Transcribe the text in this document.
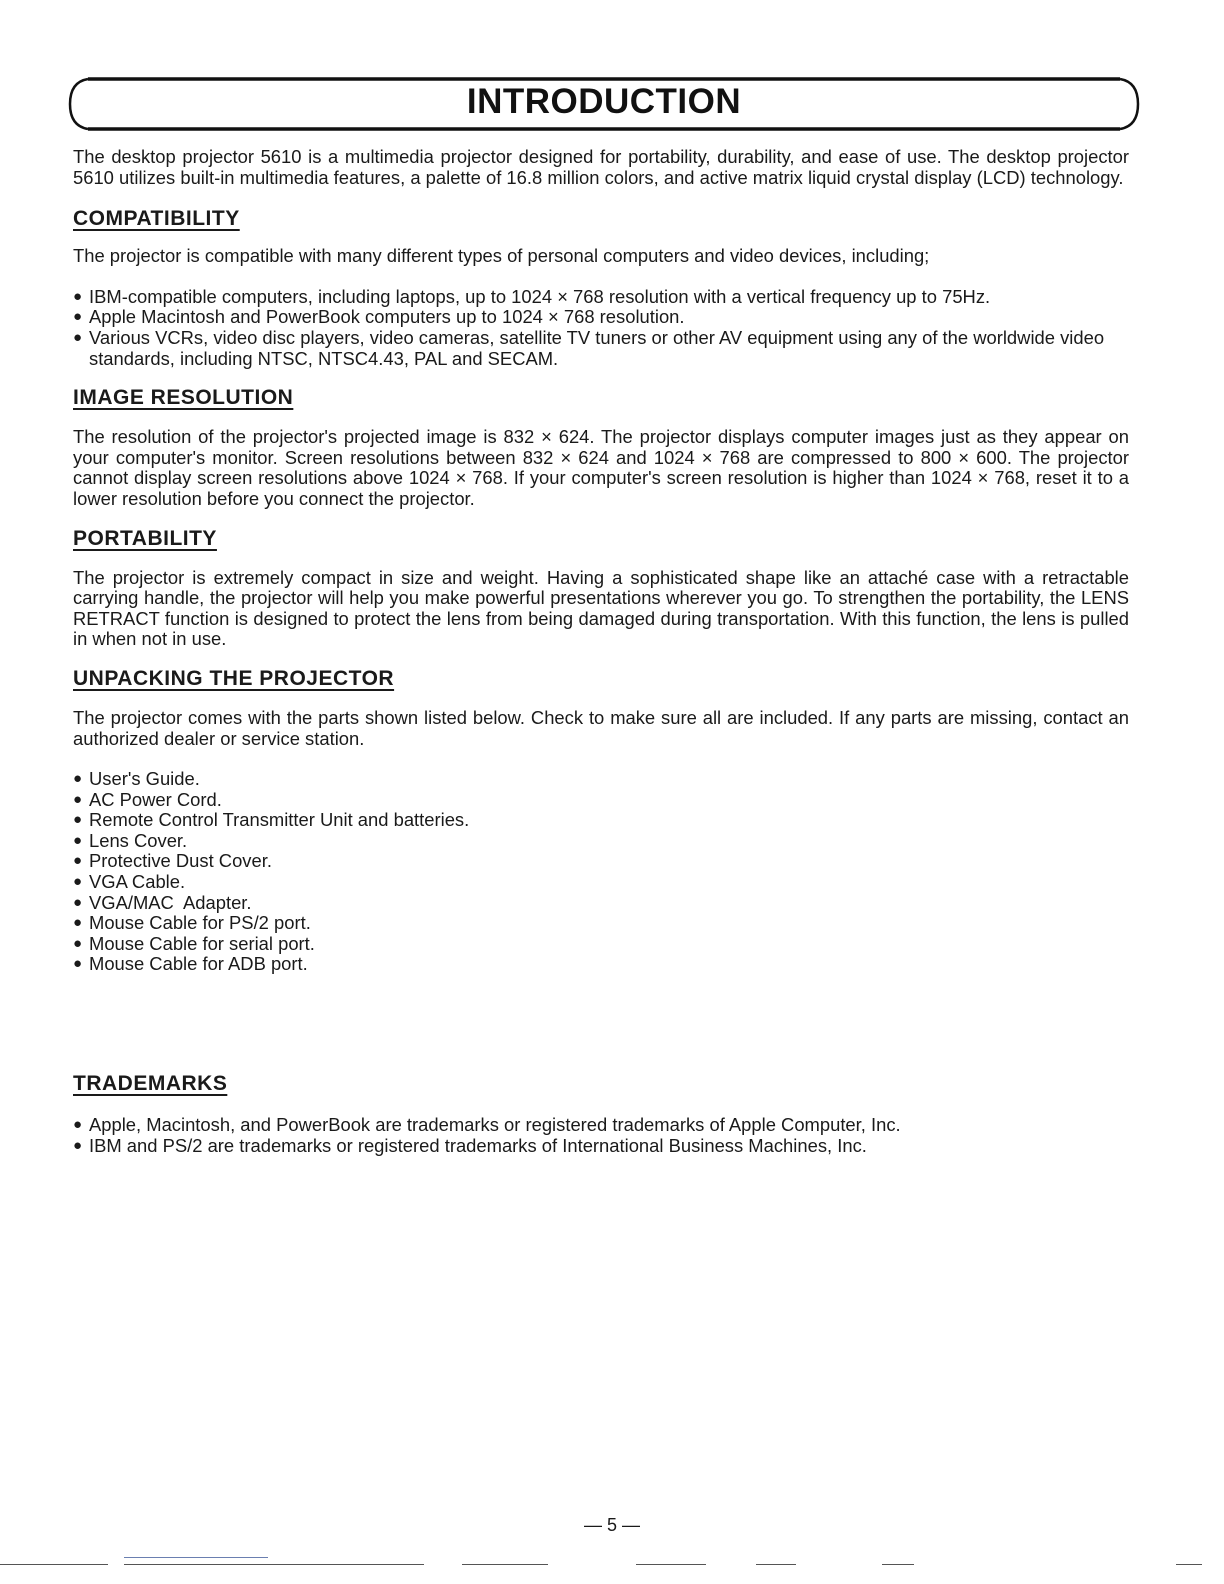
INTRODUCTION

The desktop projector 5610 is a multimedia projector designed for portability, durability, and ease of use. The desktop projector 5610 utilizes built-in multimedia features, a palette of 16.8 million colors, and active matrix liquid crystal display (LCD) technology.

COMPATIBILITY

The projector is compatible with many different types of personal computers and video devices, including;

● IBM-compatible computers, including laptops, up to 1024 × 768 resolution with a vertical frequency up to 75Hz.
● Apple Macintosh and PowerBook computers up to 1024 × 768 resolution.
● Various VCRs, video disc players, video cameras, satellite TV tuners or other AV equipment using any of the worldwide video standards, including NTSC, NTSC4.43, PAL and SECAM.
IMAGE RESOLUTION

The resolution of the projector's projected image is 832 × 624. The projector displays computer images just as they appear on your computer's monitor. Screen resolutions between 832 × 624 and 1024 × 768 are compressed to 800 × 600. The projector cannot display screen resolutions above 1024 × 768. If your computer's screen resolution is higher than 1024 × 768, reset it to a lower resolution before you connect the projector.

PORTABILITY

The projector is extremely compact in size and weight. Having a sophisticated shape like an attaché case with a retractable carrying handle, the projector will help you make powerful presentations wherever you go. To strengthen the portability, the LENS RETRACT function is designed to protect the lens from being damaged during transportation. With this function, the lens is pulled in when not in use.

UNPACKING THE PROJECTOR

The projector comes with the parts shown listed below. Check to make sure all are included. If any parts are missing, contact an authorized dealer or service station.

● User's Guide.
● AC Power Cord.
● Remote Control Transmitter Unit and batteries.
● Lens Cover.
● Protective Dust Cover.
● VGA Cable.
● VGA/MAC  Adapter.
● Mouse Cable for PS/2 port.
● Mouse Cable for serial port.
● Mouse Cable for ADB port.
TRADEMARKS
● Apple, Macintosh, and PowerBook are trademarks or registered trademarks of Apple Computer, Inc.
● IBM and PS/2 are trademarks or registered trademarks of International Business Machines, Inc.
— 5 —
